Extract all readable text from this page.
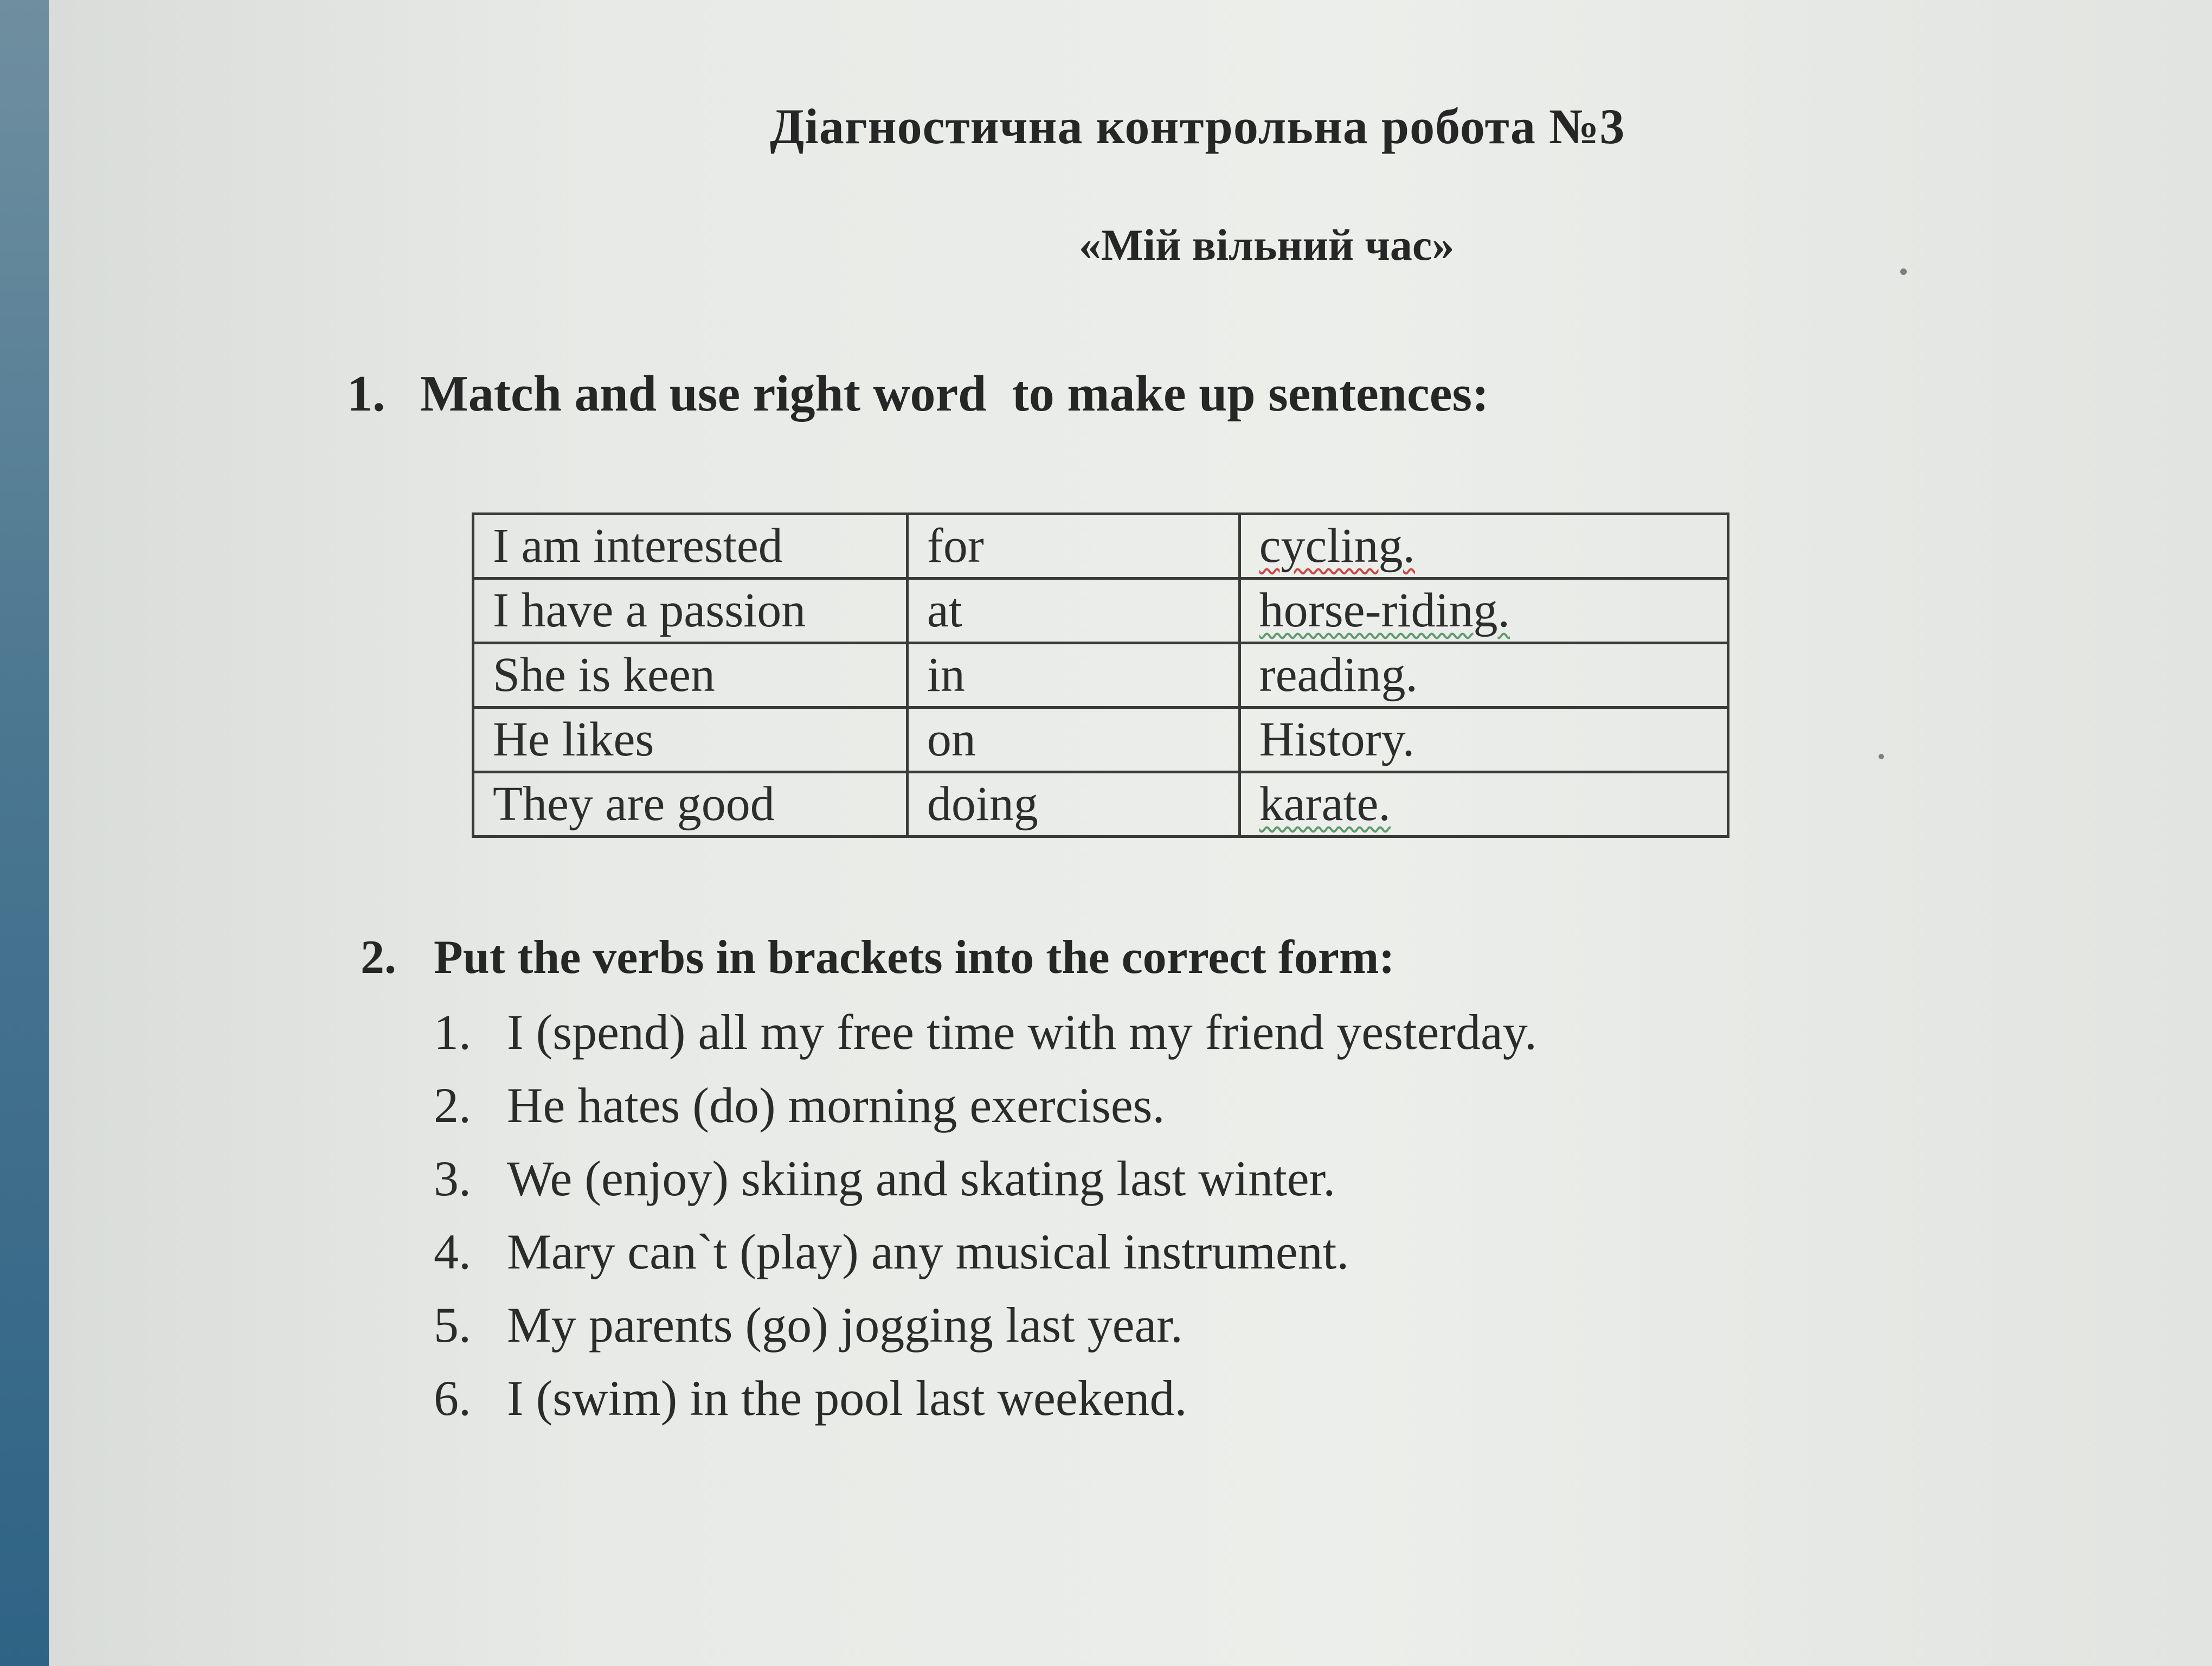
Діагностична контрольна робота №3
«Мій вільний час»
1. Match and use right word  to make up sentences:
I am interested	for	cycling.
I have a passion	at	horse-riding.
She is keen	in	reading.
He likes	on	History.
They are good	doing	karate.
2. Put the verbs in brackets into the correct form:
1. I (spend) all my free time with my friend yesterday.
2. He hates (do) morning exercises.
3. We (enjoy) skiing and skating last winter.
4. Mary can`t (play) any musical instrument.
5. My parents (go) jogging last year.
6. I (swim) in the pool last weekend.
